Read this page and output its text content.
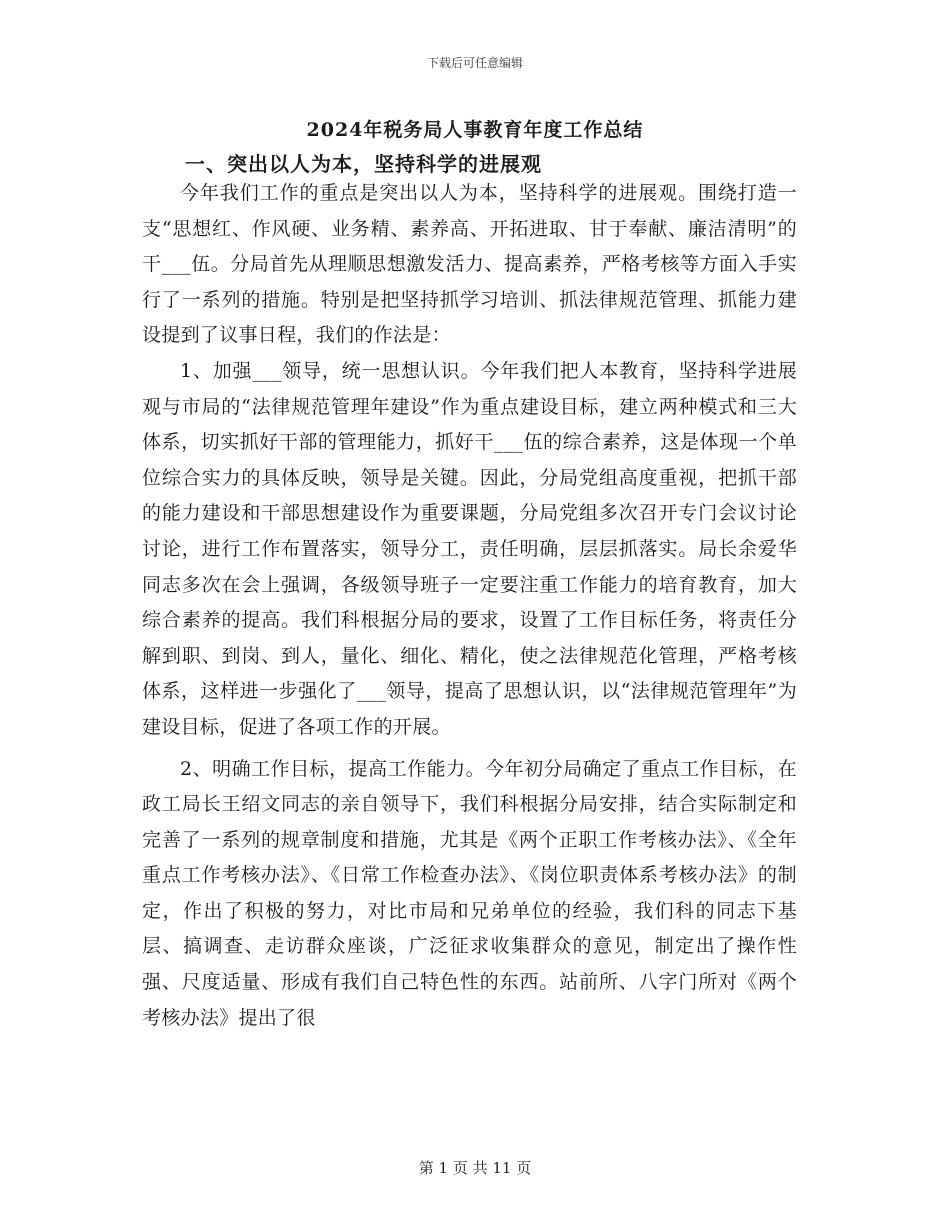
下载后可任意编辑
2024年税务局人事教育年度工作总结
一、突出以人为本，坚持科学的进展观

今年我们工作的重点是突出以人为本，坚持科学的进展观。围绕打造一支“思想红、作风硬、业务精、素养高、开拓进取、甘于奉献、廉洁清明”的干___伍。分局首先从理顺思想激发活力、提高素养，严格考核等方面入手实行了一系列的措施。特别是把坚持抓学习培训、抓法律规范管理、抓能力建设提到了议事日程，我们的作法是：

1、加强___领导，统一思想认识。今年我们把人本教育，坚持科学进展观与市局的“法律规范管理年建设”作为重点建设目标，建立两种模式和三大体系，切实抓好干部的管理能力，抓好干___伍的综合素养，这是体现一个单位综合实力的具体反映，领导是关键。因此，分局党组高度重视，把抓干部的能力建设和干部思想建设作为重要课题，分局党组多次召开专门会议讨论讨论，进行工作布置落实，领导分工，责任明确，层层抓落实。局长余爱华同志多次在会上强调，各级领导班子一定要注重工作能力的培育教育，加大综合素养的提高。我们科根据分局的要求，设置了工作目标任务，将责任分解到职、到岗、到人，量化、细化、精化，使之法律规范化管理，严格考核体系，这样进一步强化了___领导，提高了思想认识，以“法律规范管理年”为建设目标，促进了各项工作的开展。

2、明确工作目标，提高工作能力。今年初分局确定了重点工作目标，在政工局长王绍文同志的亲自领导下，我们科根据分局安排，结合实际制定和完善了一系列的规章制度和措施，尤其是《两个正职工作考核办法》、《全年重点工作考核办法》、《日常工作检查办法》、《岗位职责体系考核办法》的制定，作出了积极的努力，对比市局和兄弟单位的经验，我们科的同志下基层、搞调查、走访群众座谈，广泛征求收集群众的意见，制定出了操作性强、尺度适量、形成有我们自己特色性的东西。站前所、八字门所对《两个考核办法》提出了很

第 1 页 共 11 页
